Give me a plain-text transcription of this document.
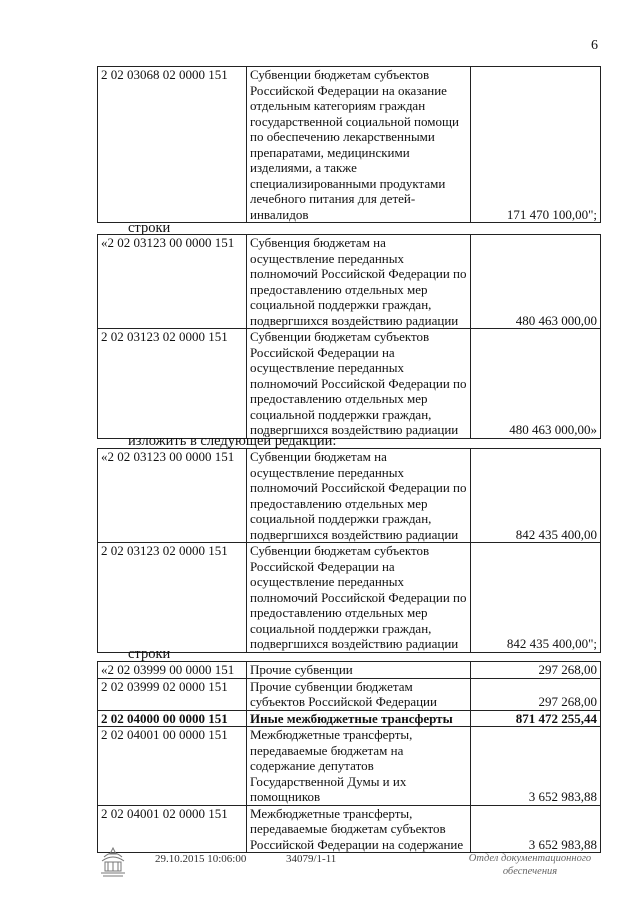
6
2 02 03068 02 0000 151	Субвенции бюджетам субъектов Российской Федерации на оказание отдельным категориям граждан государственной социальной помощи по обеспечению лекарственными препаратами, медицинскими изделиями, а также специализированными продуктами лечебного питания для детей-инвалидов	171 470 100,00";
строки
«2 02 03123 00 0000 151	Субвенция бюджетам на осуществление переданных полномочий Российской Федерации по предоставлению отдельных мер социальной поддержки граждан, подвергшихся воздействию радиации	480 463 000,00
2 02 03123 02 0000 151	Субвенции бюджетам субъектов Российской Федерации на осуществление переданных полномочий Российской Федерации по предоставлению отдельных мер социальной поддержки граждан, подвергшихся воздействию радиации	480 463 000,00»
изложить в следующей редакции:
«2 02 03123 00 0000 151	Субвенции бюджетам на осуществление переданных полномочий Российской Федерации по предоставлению отдельных мер социальной поддержки граждан, подвергшихся воздействию радиации	842 435 400,00
2 02 03123 02 0000 151	Субвенции бюджетам субъектов Российской Федерации на осуществление переданных полномочий Российской Федерации по предоставлению отдельных мер социальной поддержки граждан, подвергшихся воздействию радиации	842 435 400,00";
строки
«2 02 03999 00 0000 151	Прочие субвенции	297 268,00
2 02 03999 02 0000 151	Прочие субвенции бюджетам субъектов Российской Федерации	297 268,00
2 02 04000 00 0000 151	Иные межбюджетные трансферты	871 472 255,44
2 02 04001 00 0000 151	Межбюджетные трансферты, передаваемые бюджетам на содержание депутатов Государственной Думы и их помощников	3 652 983,88
2 02 04001 02 0000 151	Межбюджетные трансферты, передаваемые бюджетам субъектов Российской Федерации на содержание	3 652 983,88
29.10.2015 10:06:00	34079/1-11	Отдел документационного
обеспечения
